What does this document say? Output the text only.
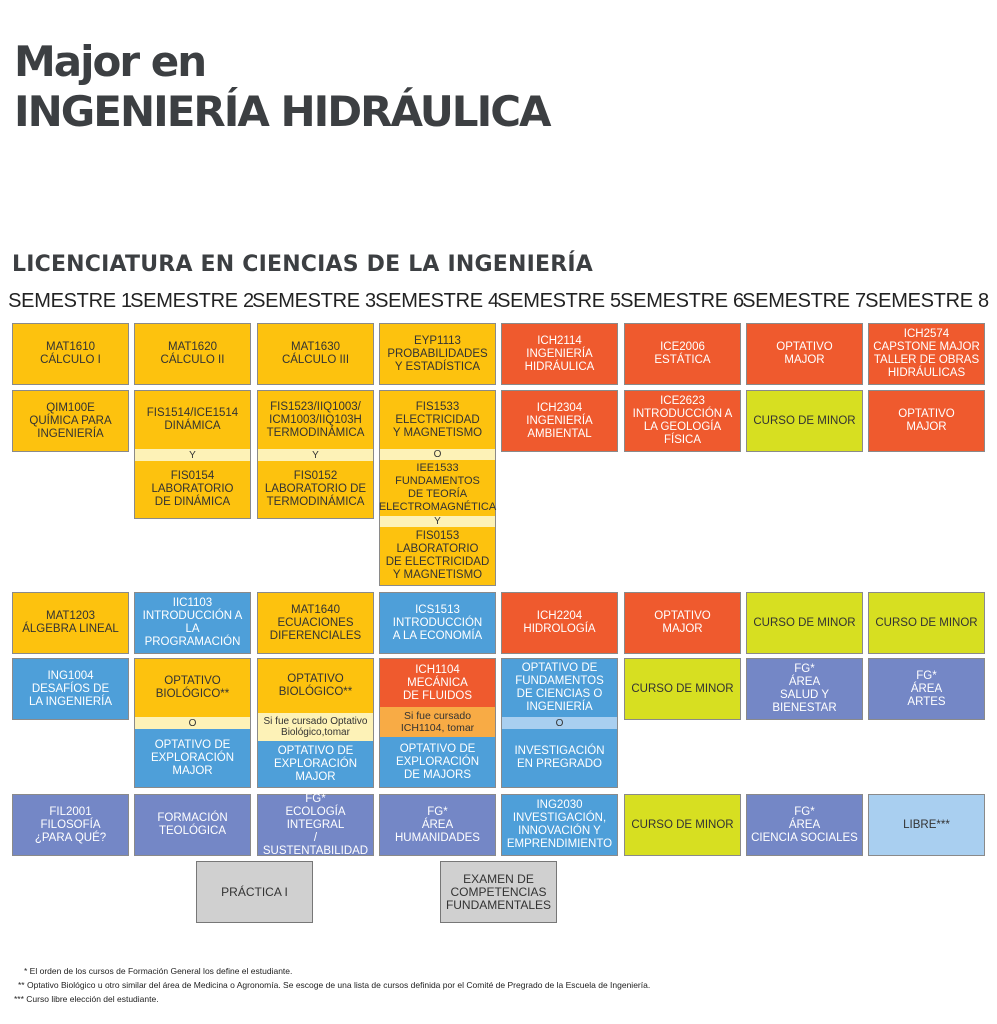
Major en
INGENIERÍA HIDRÁULICA
LICENCIATURA EN CIENCIAS DE LA INGENIERÍA
SEMESTRE 1
SEMESTRE 2
SEMESTRE 3 SEMESTRE 4
SEMESTRE 5 SEMESTRE 6
SEMESTRE 7 SEMESTRE 8
MAT1610
CÁLCULO I
MAT1620
CÁLCULO II
MAT1630
CÁLCULO III
EYP1113
PROBABILIDADES
Y ESTADÍSTICA
ICH2114
INGENIERÍA
HIDRÁULICA
ICE2006
ESTÁTICA
OPTATIVO
MAJOR
ICH2574
CAPSTONE MAJOR
TALLER DE OBRAS
HIDRÁULICAS
QIM100E
QUÍMICA PARA
INGENIERÍA

FIS1514/ICE1514
DINÁMICA

Y

FIS0154
LABORATORIO
DE DINÁMICA

FIS1523/IIQ1003/
ICM1003/IIQ103H
TERMODINÁMICA

Y

FIS0152
LABORATORIO DE
TERMODINÁMICA

FIS1533
ELECTRICIDAD
Y MAGNETISMO

O

IEE1533
FUNDAMENTOS
DE TEORÍA
ELECTROMAGNÉTICA

Y

FIS0153
LABORATORIO
DE ELECTRICIDAD
Y MAGNETISMO

ICH2304
INGENIERÍA
AMBIENTAL
ICE2623
INTRODUCCIÓN A
LA GEOLOGÍA FÍSICA
CURSO DE MINOR
OPTATIVO
MAJOR
MAT1203
ÁLGEBRA LINEAL
IIC1103
INTRODUCCIÓN A
LA PROGRAMACIÓN
MAT1640
ECUACIONES
DIFERENCIALES
ICS1513
INTRODUCCIÓN
A LA ECONOMÍA
ICH2204
HIDROLOGÍA
OPTATIVO
MAJOR
CURSO DE MINOR	CURSO DE MINOR
ING1004
DESAFÍOS DE
LA INGENIERÍA

OPTATIVO
BIOLÓGICO**

O

OPTATIVO DE
EXPLORACIÓN
MAJOR

OPTATIVO
BIOLÓGICO**

Si fue cursado Optativo
Biológico,tomar

OPTATIVO DE
EXPLORACIÓN
MAJOR

ICH1104
MECÁNICA
DE FLUIDOS

Si fue cursado
ICH1104, tomar

OPTATIVO DE
EXPLORACIÓN
DE MAJORS

OPTATIVO DE
FUNDAMENTOS
DE CIENCIAS O
INGENIERÍA

O

INVESTIGACIÓN
EN PREGRADO

CURSO DE MINOR
FG*
ÁREA
SALUD Y BIENESTAR
FG*
ÁREA
ARTES
FIL2001
FILOSOFÍA
¿PARA QUÉ?
FORMACIÓN
TEOLÓGICA
FG*
ECOLOGÍA INTEGRAL
/ SUSTENTABILIDAD
FG*
ÁREA
HUMANIDADES
ING2030
INVESTIGACIÓN,
INNOVACIÓN Y
EMPRENDIMIENTO
CURSO DE MINOR
FG*
ÁREA
CIENCIA SOCIALES
LIBRE***
PRÁCTICA I
EXAMEN DE
COMPETENCIAS
FUNDAMENTALES
* El orden de los cursos de Formación General los define el estudiante.
** Optativo Biológico u otro similar del área de Medicina o Agronomía. Se escoge de una lista de cursos definida por el Comité de Pregrado de la Escuela de Ingeniería.
*** Curso libre elección del estudiante.
